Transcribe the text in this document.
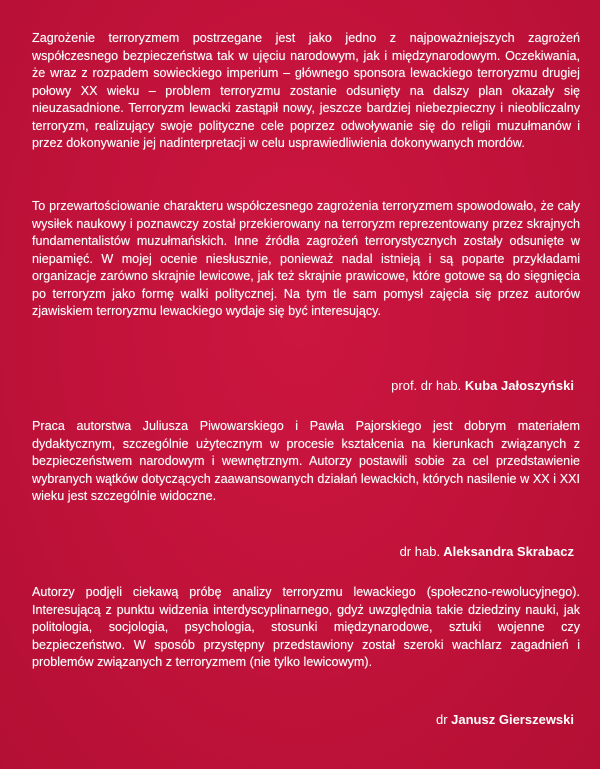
Zagrożenie terroryzmem postrzegane jest jako jedno z najpoważniejszych zagrożeń współczesnego bezpieczeństwa tak w ujęciu narodowym, jak i międzynarodowym. Oczekiwania, że wraz z rozpadem sowieckiego imperium – głównego sponsora lewackiego terroryzmu drugiej połowy XX wieku – problem terroryzmu zostanie odsunięty na dalszy plan okazały się nieuzasadnione. Terroryzm lewacki zastąpił nowy, jeszcze bardziej niebezpieczny i nieobliczalny terroryzm, realizujący swoje polityczne cele poprzez odwoływanie się do religii muzułmanów i przez dokonywanie jej nadinterpretacji w celu usprawiedliwienia dokonywanych mordów.

To przewartościowanie charakteru współczesnego zagrożenia terroryzmem spowodowało, że cały wysiłek naukowy i poznawczy został przekierowany na terroryzm reprezentowany przez skrajnych fundamentalistów muzułmańskich. Inne źródła zagrożeń terrorystycznych zostały odsunięte w niepamięć. W mojej ocenie niesłusznie, ponieważ nadal istnieją i są poparte przykładami organizacje zarówno skrajnie lewicowe, jak też skrajnie prawicowe, które gotowe są do sięgnięcia po terroryzm jako formę walki politycznej. Na tym tle sam pomysł zajęcia się przez autorów zjawiskiem terroryzmu lewackiego wydaje się być interesujący.

prof. dr hab. Kuba Jałoszyński

Praca autorstwa Juliusza Piwowarskiego i Pawła Pajorskiego jest dobrym materiałem dydaktycznym, szczególnie użytecznym w procesie kształcenia na kierunkach związanych z bezpieczeństwem narodowym i wewnętrznym. Autorzy postawili sobie za cel przedstawienie wybranych wątków dotyczących zaawansowanych działań lewackich, których nasilenie w XX i XXI wieku jest szczególnie widoczne.

dr hab. Aleksandra Skrabacz

Autorzy podjęli ciekawą próbę analizy terroryzmu lewackiego (społeczno-rewolucyjnego). Interesującą z punktu widzenia interdyscyplinarnego, gdyż uwzględnia takie dziedziny nauki, jak politologia, socjologia, psychologia, stosunki międzynarodowe, sztuki wojenne czy bezpieczeństwo. W sposób przystępny przedstawiony został szeroki wachlarz zagadnień i problemów związanych z terroryzmem (nie tylko lewicowym).

dr Janusz Gierszewski
